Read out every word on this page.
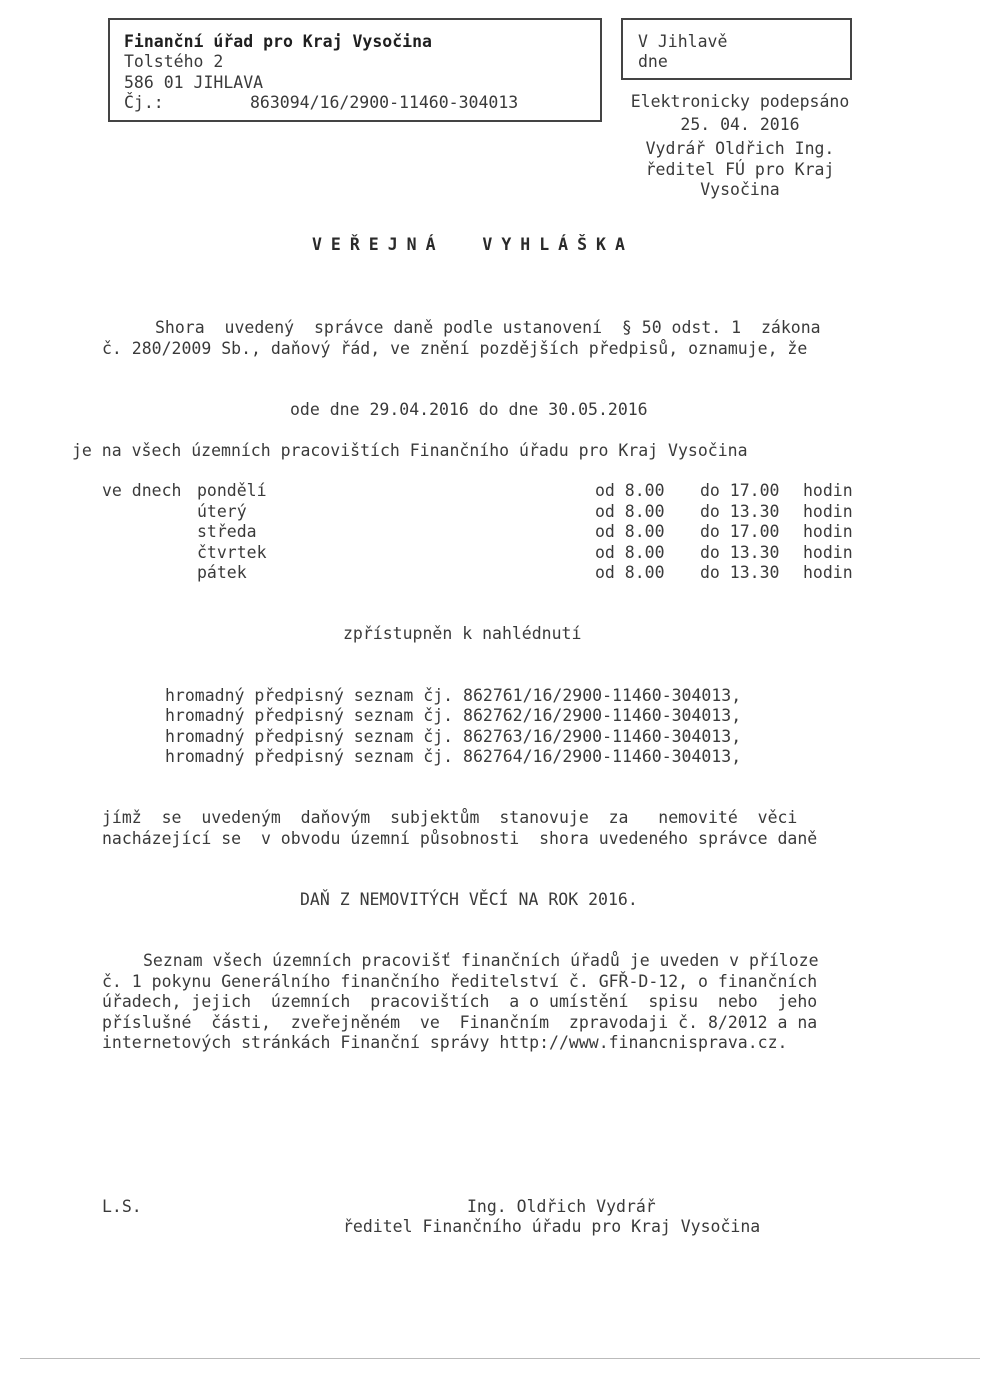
Finanční úřad pro Kraj Vysočina
Tolstého 2
586 01 JIHLAVA
Čj.:	863094/16/2900-11460-304013
V Jihlavě
dne
Elektronicky podepsáno
25. 04. 2016
Vydrář Oldřich Ing.
ředitel FÚ pro Kraj
Vysočina
VEŘEJNÁ  VYHLÁŠKA
Shora  uvedený  správce daně podle ustanovení  § 50 odst. 1  zákona
č. 280/2009 Sb., daňový řád, ve znění pozdějších předpisů, oznamuje, že
ode dne 29.04.2016 do dne 30.05.2016
je na všech územních pracovištích Finančního úřadu pro Kraj Vysočina
ve dnech	pondělí	od 8.00	do 17.00	hodin
	úterý	od 8.00	do 13.30	hodin
	středa	od 8.00	do 17.00	hodin
	čtvrtek	od 8.00	do 13.30	hodin
	pátek	od 8.00	do 13.30	hodin
zpřístupněn k nahlédnutí
hromadný předpisný seznam čj. 862761/16/2900-11460-304013,
hromadný předpisný seznam čj. 862762/16/2900-11460-304013,
hromadný předpisný seznam čj. 862763/16/2900-11460-304013,
hromadný předpisný seznam čj. 862764/16/2900-11460-304013,
jímž  se  uvedeným  daňovým  subjektům  stanovuje  za   nemovité  věci
nacházející se  v obvodu územní působnosti  shora uvedeného správce daně
DAŇ Z NEMOVITÝCH VĚCÍ NA ROK 2016.
Seznam všech územních pracovišť finančních úřadů je uveden v příloze
č. 1 pokynu Generálního finančního ředitelství č. GFŘ-D-12, o finančních
úřadech, jejich  územních  pracovištích  a o umístění  spisu  nebo  jeho
příslušné  části,  zveřejněném  ve  Finančním  zpravodaji č. 8/2012 a na
internetových stránkách Finanční správy http://www.financnisprava.cz.
L.S.	Ing. Oldřich Vydrář
ředitel Finančního úřadu pro Kraj Vysočina
